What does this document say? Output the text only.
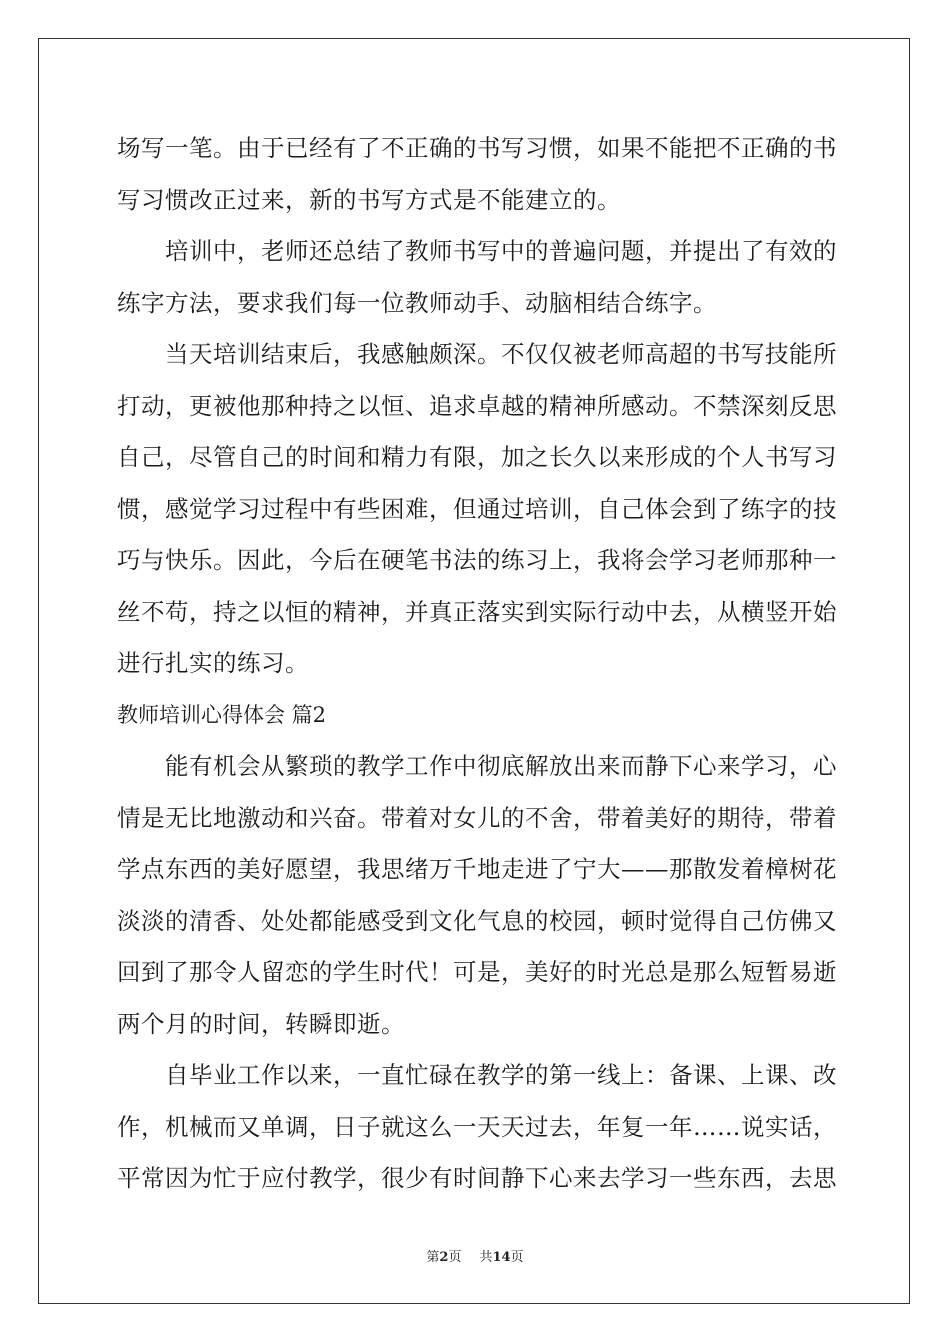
场写一笔。由于已经有了不正确的书写习惯，如果不能把不正确的书
写习惯改正过来，新的书写方式是不能建立的。
培训中，老师还总结了教师书写中的普遍问题，并提出了有效的
练字方法，要求我们每一位教师动手、动脑相结合练字。
当天培训结束后，我感触颇深。不仅仅被老师高超的书写技能所
打动，更被他那种持之以恒、追求卓越的精神所感动。不禁深刻反思
自己，尽管自己的时间和精力有限，加之长久以来形成的个人书写习
惯，感觉学习过程中有些困难，但通过培训，自己体会到了练字的技
巧与快乐。因此，今后在硬笔书法的练习上，我将会学习老师那种一
丝不苟，持之以恒的精神，并真正落实到实际行动中去，从横竖开始
进行扎实的练习。
教师培训心得体会 篇2
能有机会从繁琐的教学工作中彻底解放出来而静下心来学习，心
情是无比地激动和兴奋。带着对女儿的不舍，带着美好的期待，带着
学点东西的美好愿望，我思绪万千地走进了宁大——那散发着樟树花
淡淡的清香、处处都能感受到文化气息的校园，顿时觉得自己仿佛又
回到了那令人留恋的学生时代！可是，美好的时光总是那么短暂易逝
两个月的时间，转瞬即逝。
自毕业工作以来，一直忙碌在教学的第一线上：备课、上课、改
作，机械而又单调，日子就这么一天天过去，年复一年……说实话，
平常因为忙于应付教学，很少有时间静下心来去学习一些东西，去思
第2页 共14页
